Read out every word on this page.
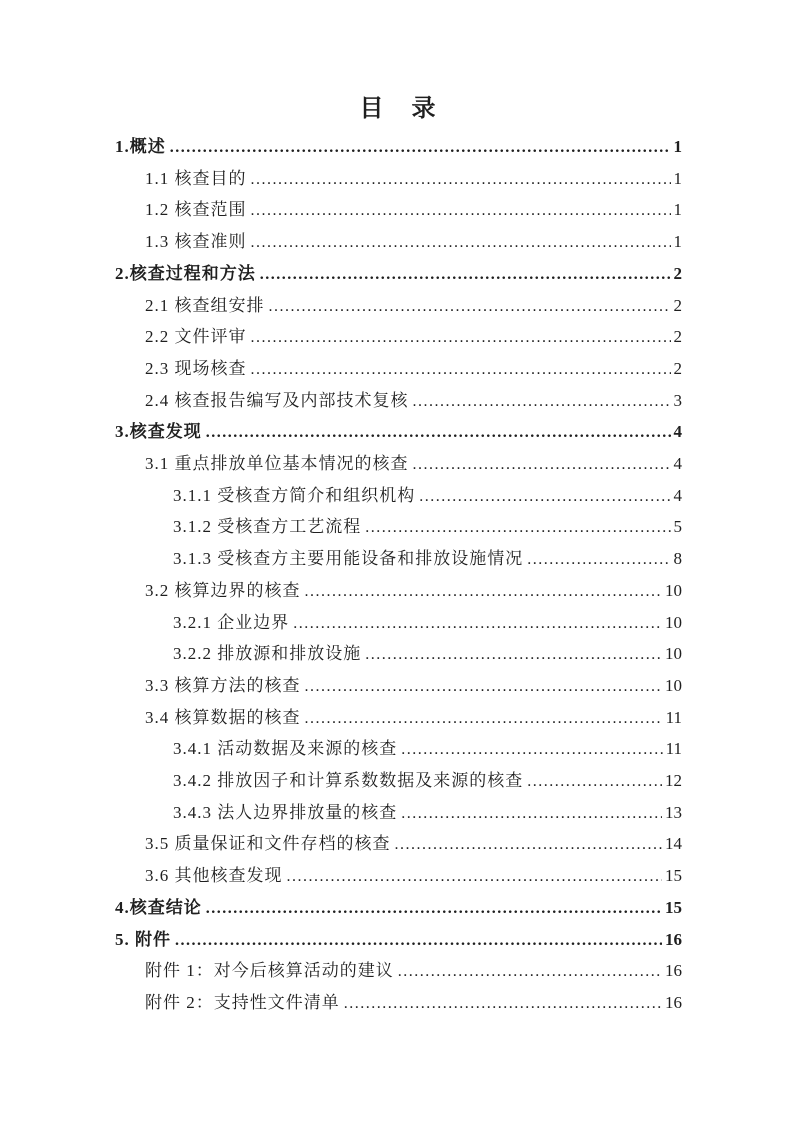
目　录
1.概述 .....	1
1.1 核查目的 .....	1
1.2 核查范围 .....	1
1.3 核查准则 .....	1
2.核查过程和方法 .....	2
2.1 核查组安排 .....	2
2.2 文件评审 .....	2
2.3 现场核查 .....	2
2.4 核查报告编写及内部技术复核 .....	3
3.核查发现 .....	4
3.1 重点排放单位基本情况的核查 .....	4
3.1.1 受核查方简介和组织机构 .....	4
3.1.2 受核查方工艺流程 .....	5
3.1.3 受核查方主要用能设备和排放设施情况 .....	8
3.2 核算边界的核查 .....	10
3.2.1 企业边界 .....	10
3.2.2 排放源和排放设施 .....	10
3.3 核算方法的核查 .....	10
3.4 核算数据的核查 .....	11
3.4.1 活动数据及来源的核查 .....	11
3.4.2 排放因子和计算系数数据及来源的核查 .....	12
3.4.3 法人边界排放量的核查 .....	13
3.5 质量保证和文件存档的核查 .....	14
3.6 其他核查发现 .....	15
4.核查结论 .....	15
5. 附件 .....	16
附件 1：对今后核算活动的建议 .....	16
附件 2：支持性文件清单 .....	16
